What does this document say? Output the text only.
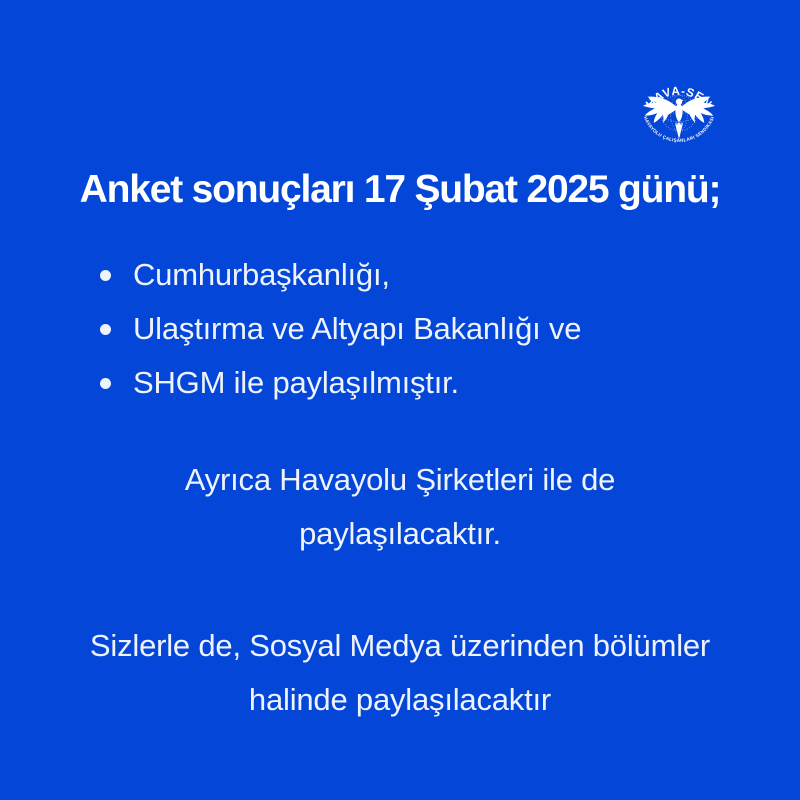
2019
HAVA-SEN
HAVAYOLU ÇALIŞANLARI SENDİKASI
Anket sonuçları 17 Şubat 2025 günü;
Cumhurbaşkanlığı,
Ulaştırma ve Altyapı Bakanlığı ve
SHGM ile paylaşılmıştır.

Ayrıca Havayolu Şirketleri ile de paylaşılacaktır.

Sizlerle de, Sosyal Medya üzerinden bölümler halinde paylaşılacaktır
